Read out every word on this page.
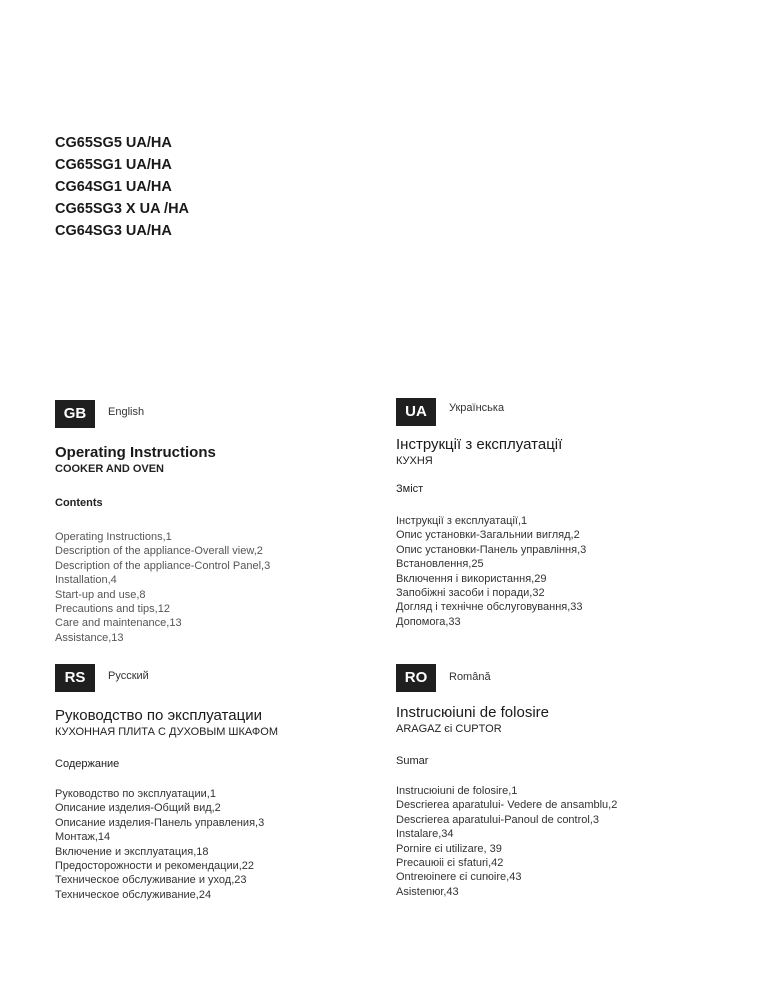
CG65SG5 UA/HA
CG65SG1 UA/HA
CG64SG1 UA/HA
CG65SG3 X UA /HA
CG64SG3 UA/HA
GB	English
Operating Instructions
COOKER AND OVEN
Contents
Operating Instructions,1
Description of the appliance-Overall view,2
Description of the appliance-Control Panel,3
Installation,4
Start-up and use,8
Precautions and tips,12
Care and maintenance,13
Assistance,13
UA	Українська
Інструкції з експлуатації
КУХНЯ
Зміст
Інструкції з експлуатації,1
Опис установки-Загальнии вигляд,2
Опис установки-Панель управління,3
Встановлення,25
Включення і використання,29
Запобіжні засоби і поради,32
Догляд і технічне обслуговування,33
Допомога,33
RS	Русский
Руководство по эксплуатации
КУХОННАЯ ПЛИТА С ДУХОВЫМ ШКАФОМ
Содержание
Руководство по эксплуатации,1
Описание изделия-Общий вид,2
Описание изделия-Панель управления,3
Монтаж,14
Включение и эксплуатация,18
Предосторожности и рекомендации,22
Техническое обслуживание и уход,23
Техническое обслуживание,24
RO	Română
Instrucюiuni de folosire
ARAGAZ єi CUPTOR
Sumar
Instrucюiuni de folosire,1
Descrierea aparatului- Vedere de ansamblu,2
Descrierea aparatului-Panoul de control,3
Instalare,34
Pornire єi utilizare, 39
Precauюii єi sfaturi,42
Оntreюinere єi curюire,43
Asistenюr,43
